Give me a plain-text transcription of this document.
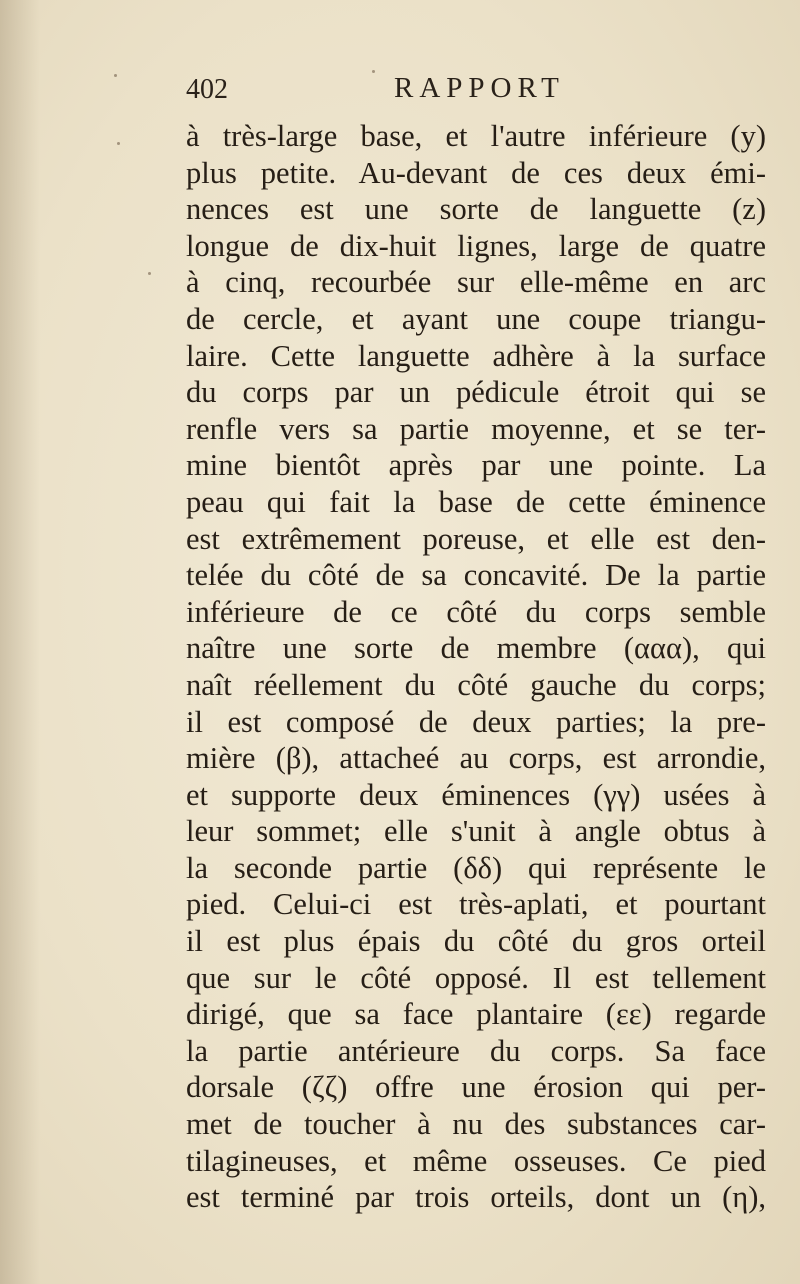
402	RAPPORT
à très-large base, et l'autre inférieure (y)
plus petite. Au-devant de ces deux émi-
nences est une sorte de languette (z)
longue de dix-huit lignes, large de quatre
à cinq, recourbée sur elle-même en arc
de cercle, et ayant une coupe triangu-
laire. Cette languette adhère à la surface
du corps par un pédicule étroit qui se
renfle vers sa partie moyenne, et se ter-
mine bientôt après par une pointe. La
peau qui fait la base de cette éminence
est extrêmement poreuse, et elle est den-
telée du côté de sa concavité. De la partie
inférieure de ce côté du corps semble
naître une sorte de membre (ααα), qui
naît réellement du côté gauche du corps;
il est composé de deux parties; la pre-
mière (β), attacheé au corps, est arrondie,
et supporte deux éminences (γγ) usées à
leur sommet; elle s'unit à angle obtus à
la seconde partie (δδ) qui représente le
pied. Celui-ci est très-aplati, et pourtant
il est plus épais du côté du gros orteil
que sur le côté opposé. Il est tellement
dirigé, que sa face plantaire (εε) regarde
la partie antérieure du corps. Sa face
dorsale (ζζ) offre une érosion qui per-
met de toucher à nu des substances car-
tilagineuses, et même osseuses. Ce pied
est terminé par trois orteils, dont un (η),
